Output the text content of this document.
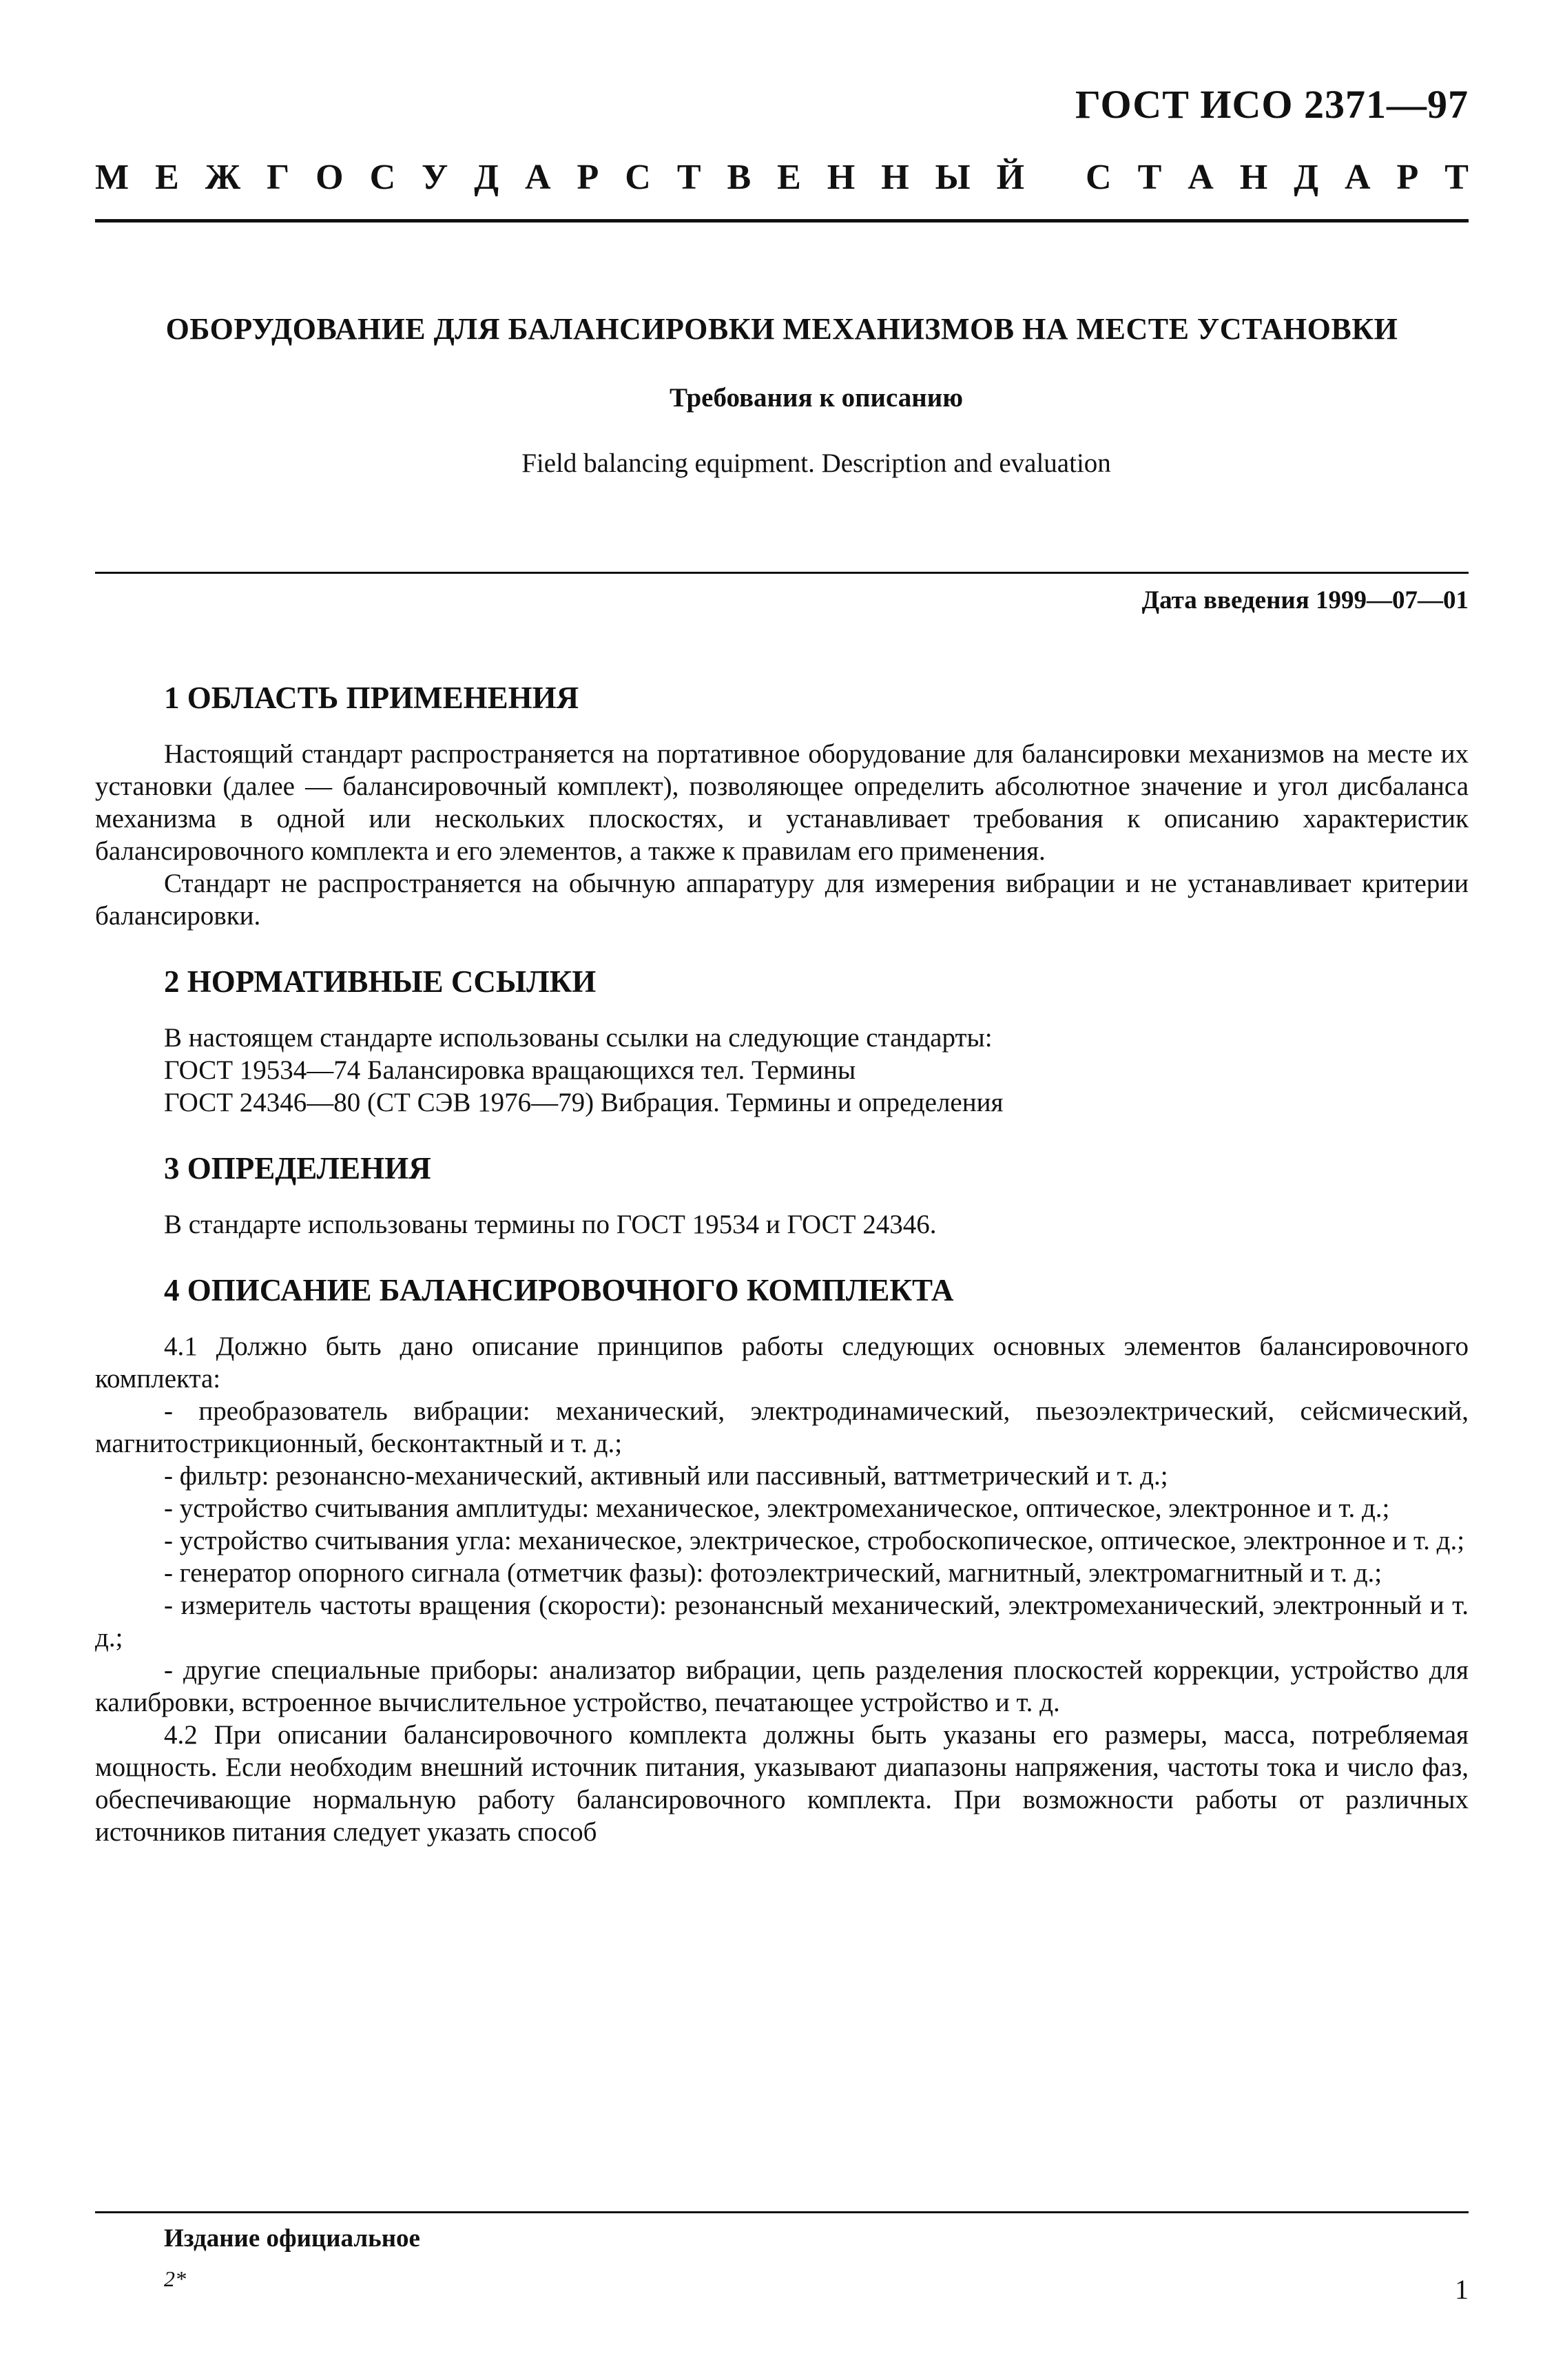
ГОСТ ИСО 2371—97

М Е Ж Г О С У Д А Р С Т В Е Н Н Ы Й
С Т А Н Д А Р Т
ОБОРУДОВАНИЕ ДЛЯ БАЛАНСИРОВКИ МЕХАНИЗМОВ НА МЕСТЕ УСТАНОВКИ

Требования к описанию

Field balancing equipment. Description and evaluation

Дата введения 1999—07—01

1 ОБЛАСТЬ ПРИМЕНЕНИЯ

Настоящий стандарт распространяется на портативное оборудование для балансировки механизмов на месте их установки (далее — балансировочный комплект), позволяющее определить абсолютное значение и угол дисбаланса механизма в одной или нескольких плоскостях, и устанавливает требования к описанию характеристик балансировочного комплекта и его элементов, а также к правилам его применения.

Стандарт не распространяется на обычную аппаратуру для измерения вибрации и не устанавливает критерии балансировки.

2 НОРМАТИВНЫЕ ССЫЛКИ

В настоящем стандарте использованы ссылки на следующие стандарты:

ГОСТ 19534—74 Балансировка вращающихся тел. Термины

ГОСТ 24346—80 (СТ СЭВ 1976—79) Вибрация. Термины и определения

3 ОПРЕДЕЛЕНИЯ

В стандарте использованы термины по ГОСТ 19534 и ГОСТ 24346.

4 ОПИСАНИЕ БАЛАНСИРОВОЧНОГО КОМПЛЕКТА

4.1 Должно быть дано описание принципов работы следующих основных элементов балансировочного комплекта:

- преобразователь вибрации: механический, электродинамический, пьезоэлектрический, сейсмический, магнитострикционный, бесконтактный и т. д.;

- фильтр: резонансно-механический, активный или пассивный, ваттметрический и т. д.;

- устройство считывания амплитуды: механическое, электромеханическое, оптическое, электронное и т. д.;

- устройство считывания угла: механическое, электрическое, стробоскопическое, оптическое, электронное и т. д.;

- генератор опорного сигнала (отметчик фазы): фотоэлектрический, магнитный, электромагнитный и т. д.;

- измеритель частоты вращения (скорости): резонансный механический, электромеханический, электронный и т. д.;

- другие специальные приборы: анализатор вибрации, цепь разделения плоскостей коррекции, устройство для калибровки, встроенное вычислительное устройство, печатающее устройство и т. д.

4.2 При описании балансировочного комплекта должны быть указаны его размеры, масса, потребляемая мощность. Если необходим внешний источник питания, указывают диапазоны напряжения, частоты тока и число фаз, обеспечивающие нормальную работу балансировочного комплекта. При возможности работы от различных источников питания следует указать способ

Издание официальное

2*	1
